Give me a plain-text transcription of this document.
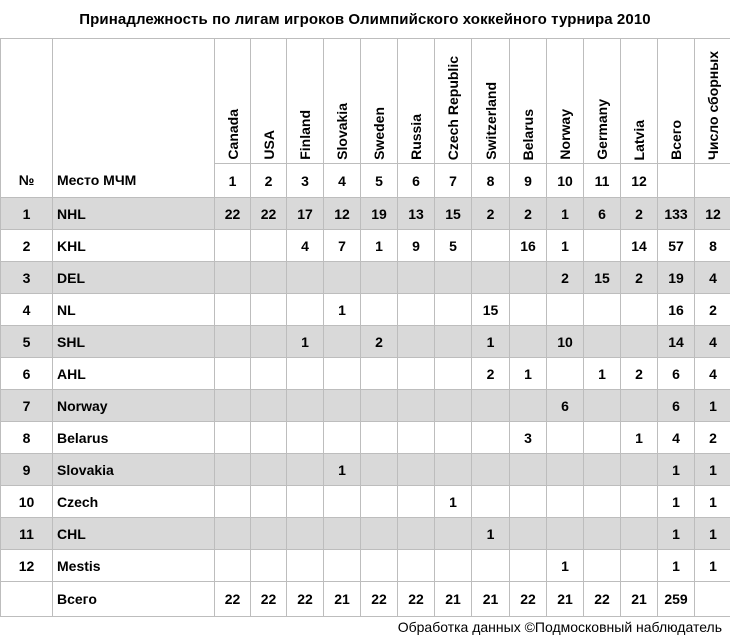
Принадлежность по лигам игроков Олимпийского хоккейного турнира 2010
		Canada	USA	Finland	Slovakia	Sweden	Russia	Czech Republic	Switzerland	Belarus	Norway	Germany	Latvia	Всего	Число сборных
№	Место МЧМ	1	2	3	4	5	6	7	8	9	10	11	12		
1	NHL	22	22	17	12	19	13	15	2	2	1	6	2	133	12
2	KHL			4	7	1	9	5		16	1		14	57	8
3	DEL										2	15	2	19	4
4	NL				1				15					16	2
5	SHL			1		2			1		10			14	4
6	AHL								2	1		1	2	6	4
7	Norway										6			6	1
8	Belarus									3			1	4	2
9	Slovakia				1									1	1
10	Czech							1						1	1
11	CHL								1					1	1
12	Mestis										1			1	1
	Всего	22	22	22	21	22	22	21	21	22	21	22	21	259	
Обработка данных ©Подмосковный наблюдатель
